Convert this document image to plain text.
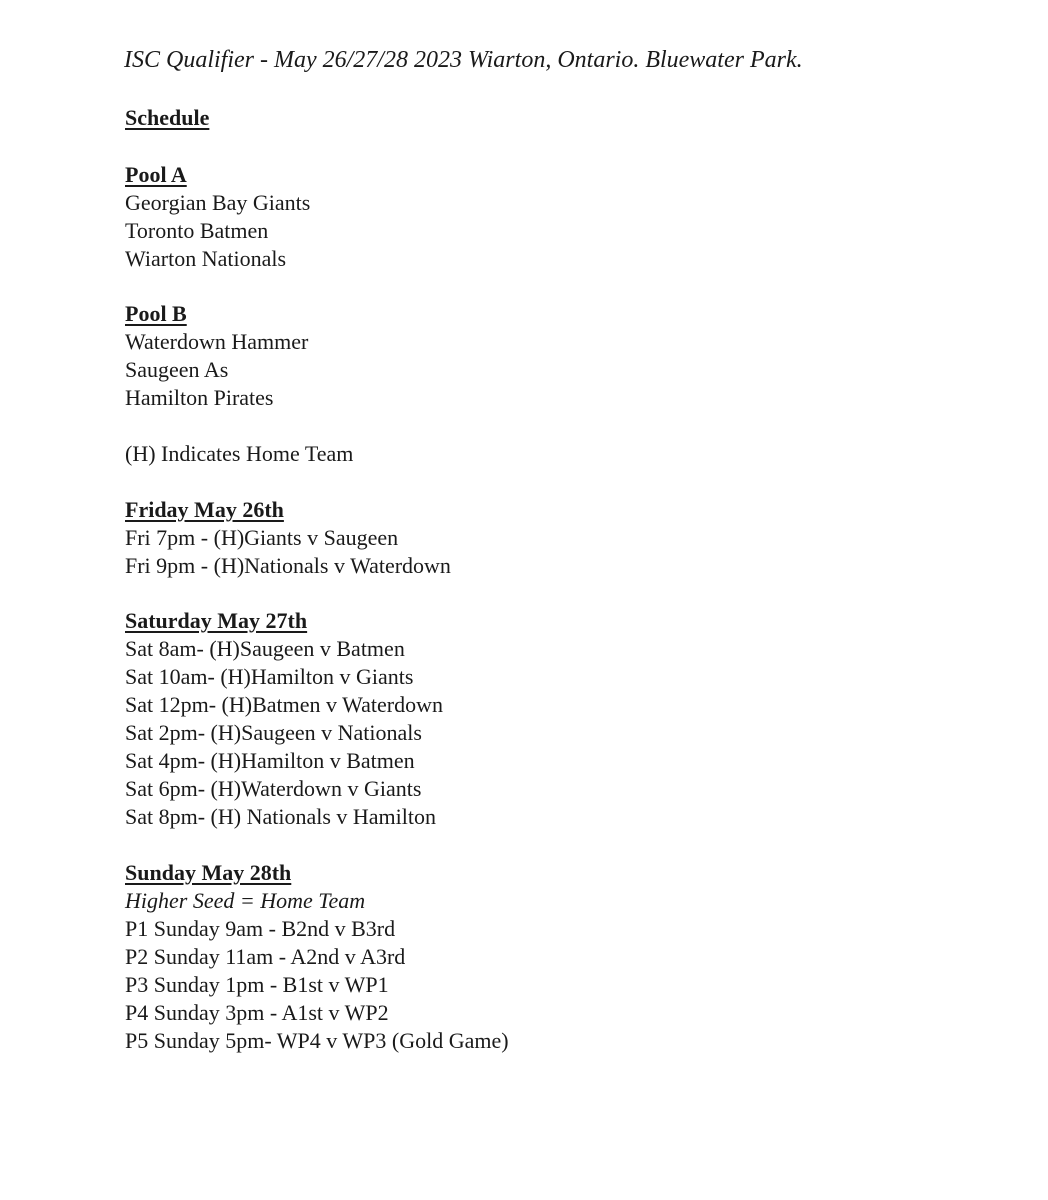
ISC Qualifier - May 26/27/28 2023 Wiarton, Ontario. Bluewater Park.
Schedule
Pool A
Georgian Bay Giants
Toronto Batmen
Wiarton Nationals
Pool B
Waterdown Hammer
Saugeen As
Hamilton Pirates
(H) Indicates Home Team
Friday May 26th
Fri 7pm - (H)Giants v Saugeen
Fri 9pm - (H)Nationals v Waterdown
Saturday May 27th
Sat 8am- (H)Saugeen v Batmen
Sat 10am- (H)Hamilton v Giants
Sat 12pm- (H)Batmen v Waterdown
Sat 2pm- (H)Saugeen v Nationals
Sat 4pm- (H)Hamilton v Batmen
Sat 6pm- (H)Waterdown v Giants
Sat 8pm- (H) Nationals v Hamilton
Sunday May 28th
Higher Seed = Home Team
P1 Sunday 9am - B2nd v B3rd
P2 Sunday 11am - A2nd v A3rd
P3 Sunday 1pm - B1st v WP1
P4 Sunday 3pm - A1st v WP2
P5 Sunday 5pm- WP4 v WP3 (Gold Game)
